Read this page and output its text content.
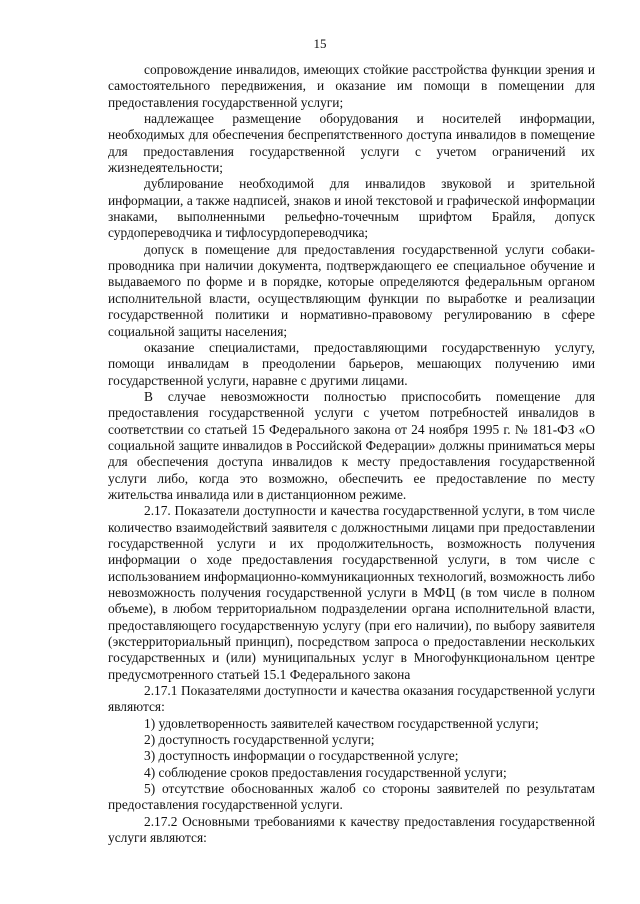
15

сопровождение инвалидов, имеющих стойкие расстройства функции зрения и самостоятельного передвижения, и оказание им помощи в помещении для предоставления государственной услуги;

надлежащее размещение оборудования и носителей информации, необходимых для обеспечения беспрепятственного доступа инвалидов в помещение для предоставления государственной услуги с учетом ограничений их жизнедеятельности;

дублирование необходимой для инвалидов звуковой и зрительной информации, а также надписей, знаков и иной текстовой и графической информации знаками, выполненными рельефно-точечным шрифтом Брайля, допуск сурдопереводчика и тифлосурдопереводчика;

допуск в помещение для предоставления государственной услуги собаки-проводника при наличии документа, подтверждающего ее специальное обучение и выдаваемого по форме и в порядке, которые определяются федеральным органом исполнительной власти, осуществляющим функции по выработке и реализации государственной политики и нормативно-правовому регулированию в сфере социальной защиты населения;

оказание специалистами, предоставляющими государственную услугу, помощи инвалидам в преодолении барьеров, мешающих получению ими государственной услуги, наравне с другими лицами.

В случае невозможности полностью приспособить помещение для предоставления государственной услуги с учетом потребностей инвалидов в соответствии со статьей 15 Федерального закона от 24 ноября 1995 г. № 181-ФЗ «О социальной защите инвалидов в Российской Федерации» должны приниматься меры для обеспечения доступа инвалидов к месту предоставления государственной услуги либо, когда это возможно, обеспечить ее предоставление по месту жительства инвалида или в дистанционном режиме.

2.17. Показатели доступности и качества государственной услуги, в том числе количество взаимодействий заявителя с должностными лицами при предоставлении государственной услуги и их продолжительность, возможность получения информации о ходе предоставления государственной услуги, в том числе с использованием информационно-коммуникационных технологий, возможность либо невозможность получения государственной услуги в МФЦ (в том числе в полном объеме), в любом территориальном подразделении органа исполнительной власти, предоставляющего государственную услугу (при его наличии), по выбору заявителя (экстерриториальный принцип), посредством запроса о предоставлении нескольких государственных и (или) муниципальных услуг в Многофункциональном центре предусмотренного статьей 15.1 Федерального закона

2.17.1 Показателями доступности и качества оказания государственной услуги являются:

1) удовлетворенность заявителей качеством государственной услуги;

2) доступность государственной услуги;

3) доступность информации о государственной услуге;

4) соблюдение сроков предоставления государственной услуги;

5) отсутствие обоснованных жалоб со стороны заявителей по результатам предоставления государственной услуги.

2.17.2 Основными требованиями к качеству предоставления государственной услуги являются:
